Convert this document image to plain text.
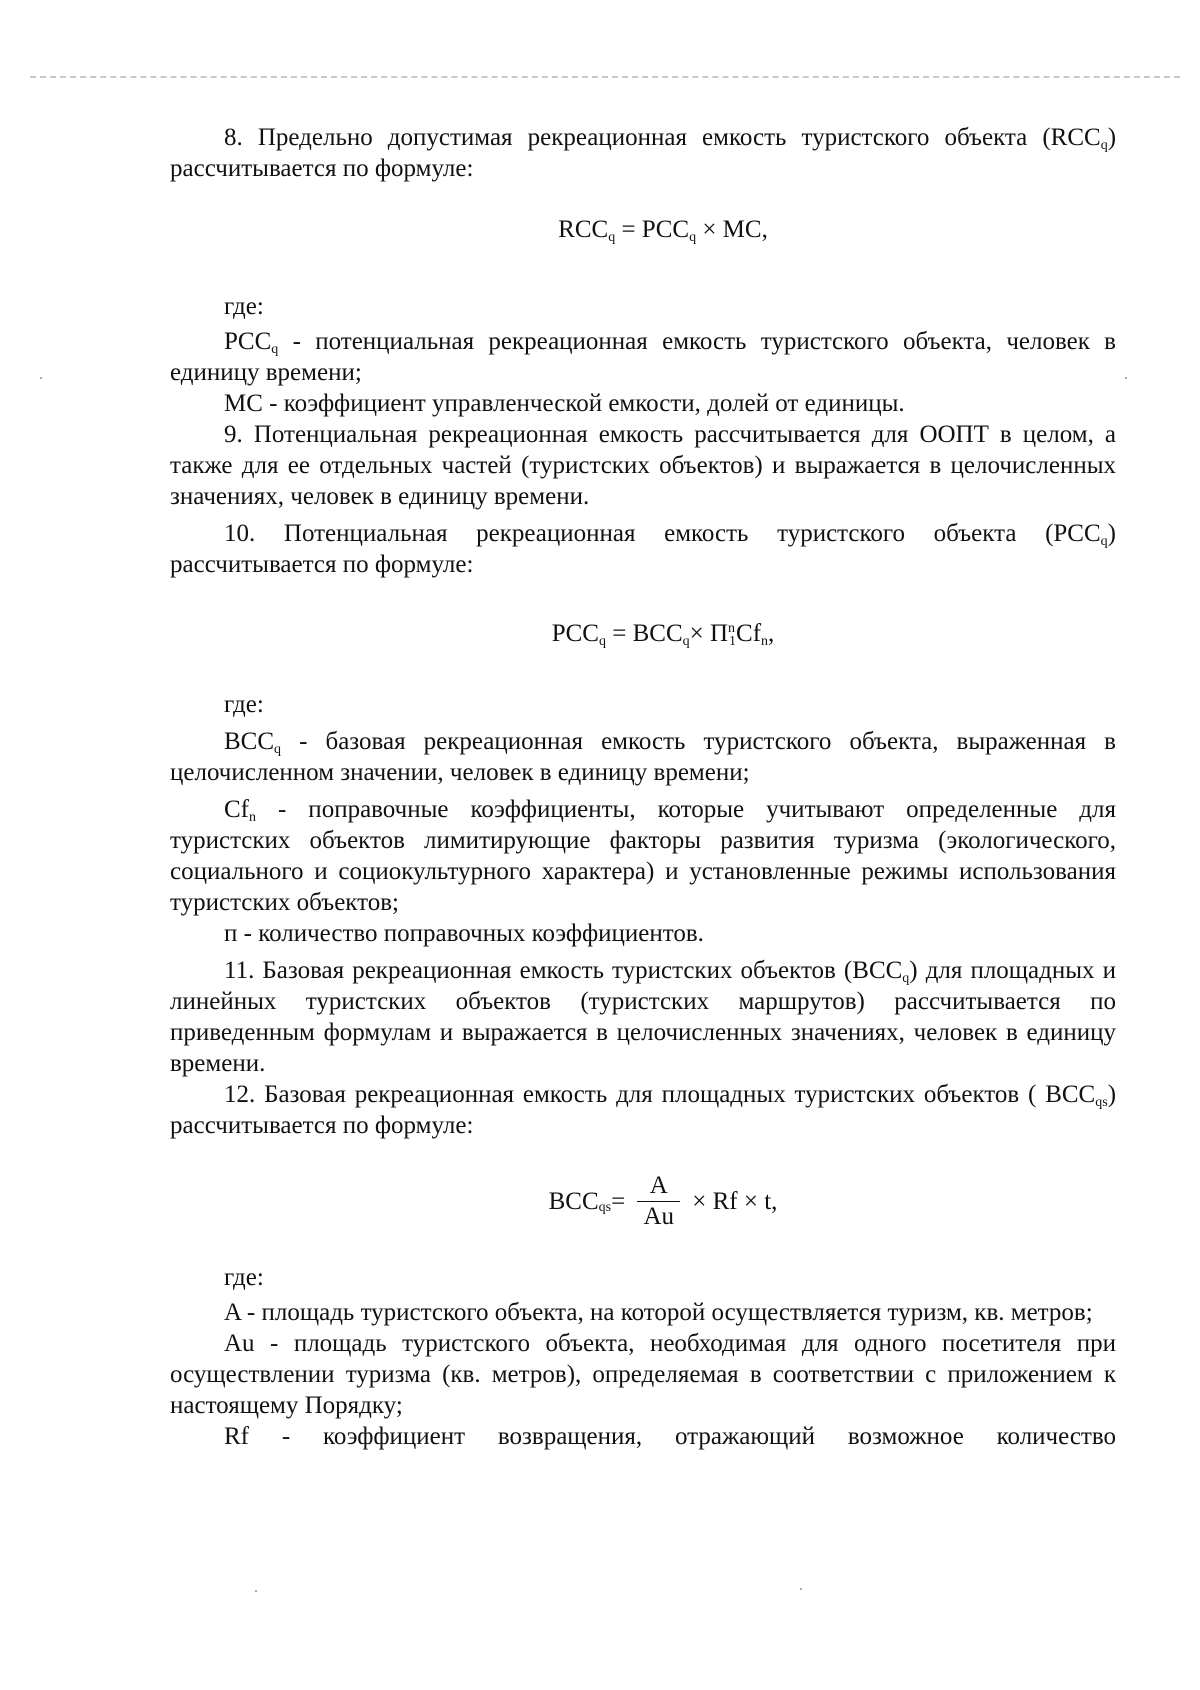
8. Предельно допустимая рекреационная емкость туристского объекта $(RCC_q)$ рассчитывается по формуле:

$RCC_q = PCC_q$ × MC,

где:

$PCC_q$ - потенциальная рекреационная емкость туристского объекта, человек в единицу времени;

MC - коэффициент управленческой емкости, долей от единицы.

9. Потенциальная рекреационная емкость рассчитывается для ООПТ в целом, а также для ее отдельных частей (туристских объектов) и выражается в целочисленных значениях, человек в единицу времени.

10. Потенциальная рекреационная емкость туристского объекта $(PCC_q)$ рассчитывается по формуле:

$PCC_q = BCC_q\times П^n_1Cf_n$,

где:

$BCC_q$ - базовая рекреационная емкость туристского объекта, выраженная в целочисленном значении, человек в единицу времени;

$Cf_n$ - поправочные коэффициенты, которые учитывают определенные для туристских объектов лимитирующие факторы развития туризма (экологического, социального и социокультурного характера) и установленные режимы использования туристских объектов;

п - количество поправочных коэффициентов.

11. Базовая рекреационная емкость туристских объектов $(BCC_q)$ для площадных и линейных туристских объектов (туристских маршрутов) рассчитывается по приведенным формулам и выражается в целочисленных значениях, человек в единицу времени.

12. Базовая рекреационная емкость для площадных туристских объектов ( $BCC_{qs}$) рассчитывается по формуле:

$BCC_{qs}= \frac{A}{Au} \times Rf \times t$,

где:

A - площадь туристского объекта, на которой осуществляется туризм, кв. метров;

Au - площадь туристского объекта, необходимая для одного посетителя при осуществлении туризма (кв. метров), определяемая в соответствии с приложением к настоящему Порядку;

Rf - коэффициент возвращения, отражающий возможное количество
